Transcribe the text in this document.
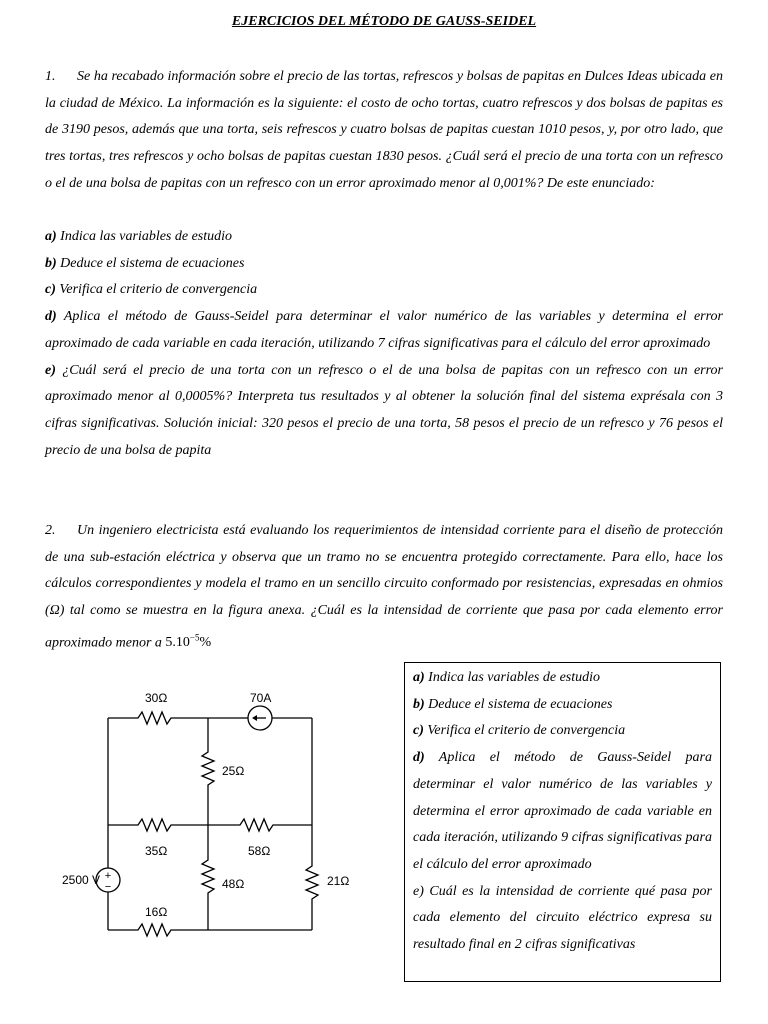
EJERCICIOS DEL MÉTODO DE GAUSS-SEIDEL

1. Se ha recabado información sobre el precio de las tortas, refrescos y bolsas de papitas en Dulces Ideas ubicada en la ciudad de México. La información es la siguiente: el costo de ocho tortas, cuatro refrescos y dos bolsas de papitas es de 3190 pesos, además que una torta, seis refrescos y cuatro bolsas de papitas cuestan 1010 pesos, y, por otro lado, que tres tortas, tres refrescos y ocho bolsas de papitas cuestan 1830 pesos. ¿Cuál será el precio de una torta con un refresco o el de una bolsa de papitas con un refresco con un error aproximado menor al 0,001%? De este enunciado:

a) Indica las variables de estudio
b) Deduce el sistema de ecuaciones
c) Verifica el criterio de convergencia
d) Aplica el método de Gauss-Seidel para determinar el valor numérico de las variables y determina el error aproximado de cada variable en cada iteración, utilizando 7 cifras significativas para el cálculo del error aproximado
e) ¿Cuál será el precio de una torta con un refresco o el de una bolsa de papitas con un refresco con un error aproximado menor al 0,0005%? Interpreta tus resultados y al obtener la solución final del sistema exprésala con 3 cifras significativas. Solución inicial: 320 pesos el precio de una torta, 58 pesos el precio de un refresco y 76 pesos el precio de una bolsa de papita

2. Un ingeniero electricista está evaluando los requerimientos de intensidad corriente para el diseño de protección de una sub-estación eléctrica y observa que un tramo no se encuentra protegido correctamente. Para ello, hace los cálculos correspondientes y modela el tramo en un sencillo circuito conformado por resistencias, expresadas en ohmios (Ω) tal como se muestra en la figura anexa. ¿Cuál es la intensidad de corriente que pasa por cada elemento error aproximado menor a $5.10^{-5}\%$

+
−
30Ω	70A
25Ω
35Ω	58Ω
48Ω	21Ω
16Ω
2500 V

a) Indica las variables de estudio

b) Deduce el sistema de ecuaciones

c) Verifica el criterio de convergencia

d) Aplica el método de Gauss-Seidel para determinar el valor numérico de las variables y determina el error aproximado de cada variable en cada iteración, utilizando 9 cifras significativas para el cálculo del error aproximado

e) Cuál es la intensidad de corriente qué pasa por cada elemento del circuito eléctrico expresa su resultado final en 2 cifras significativas
